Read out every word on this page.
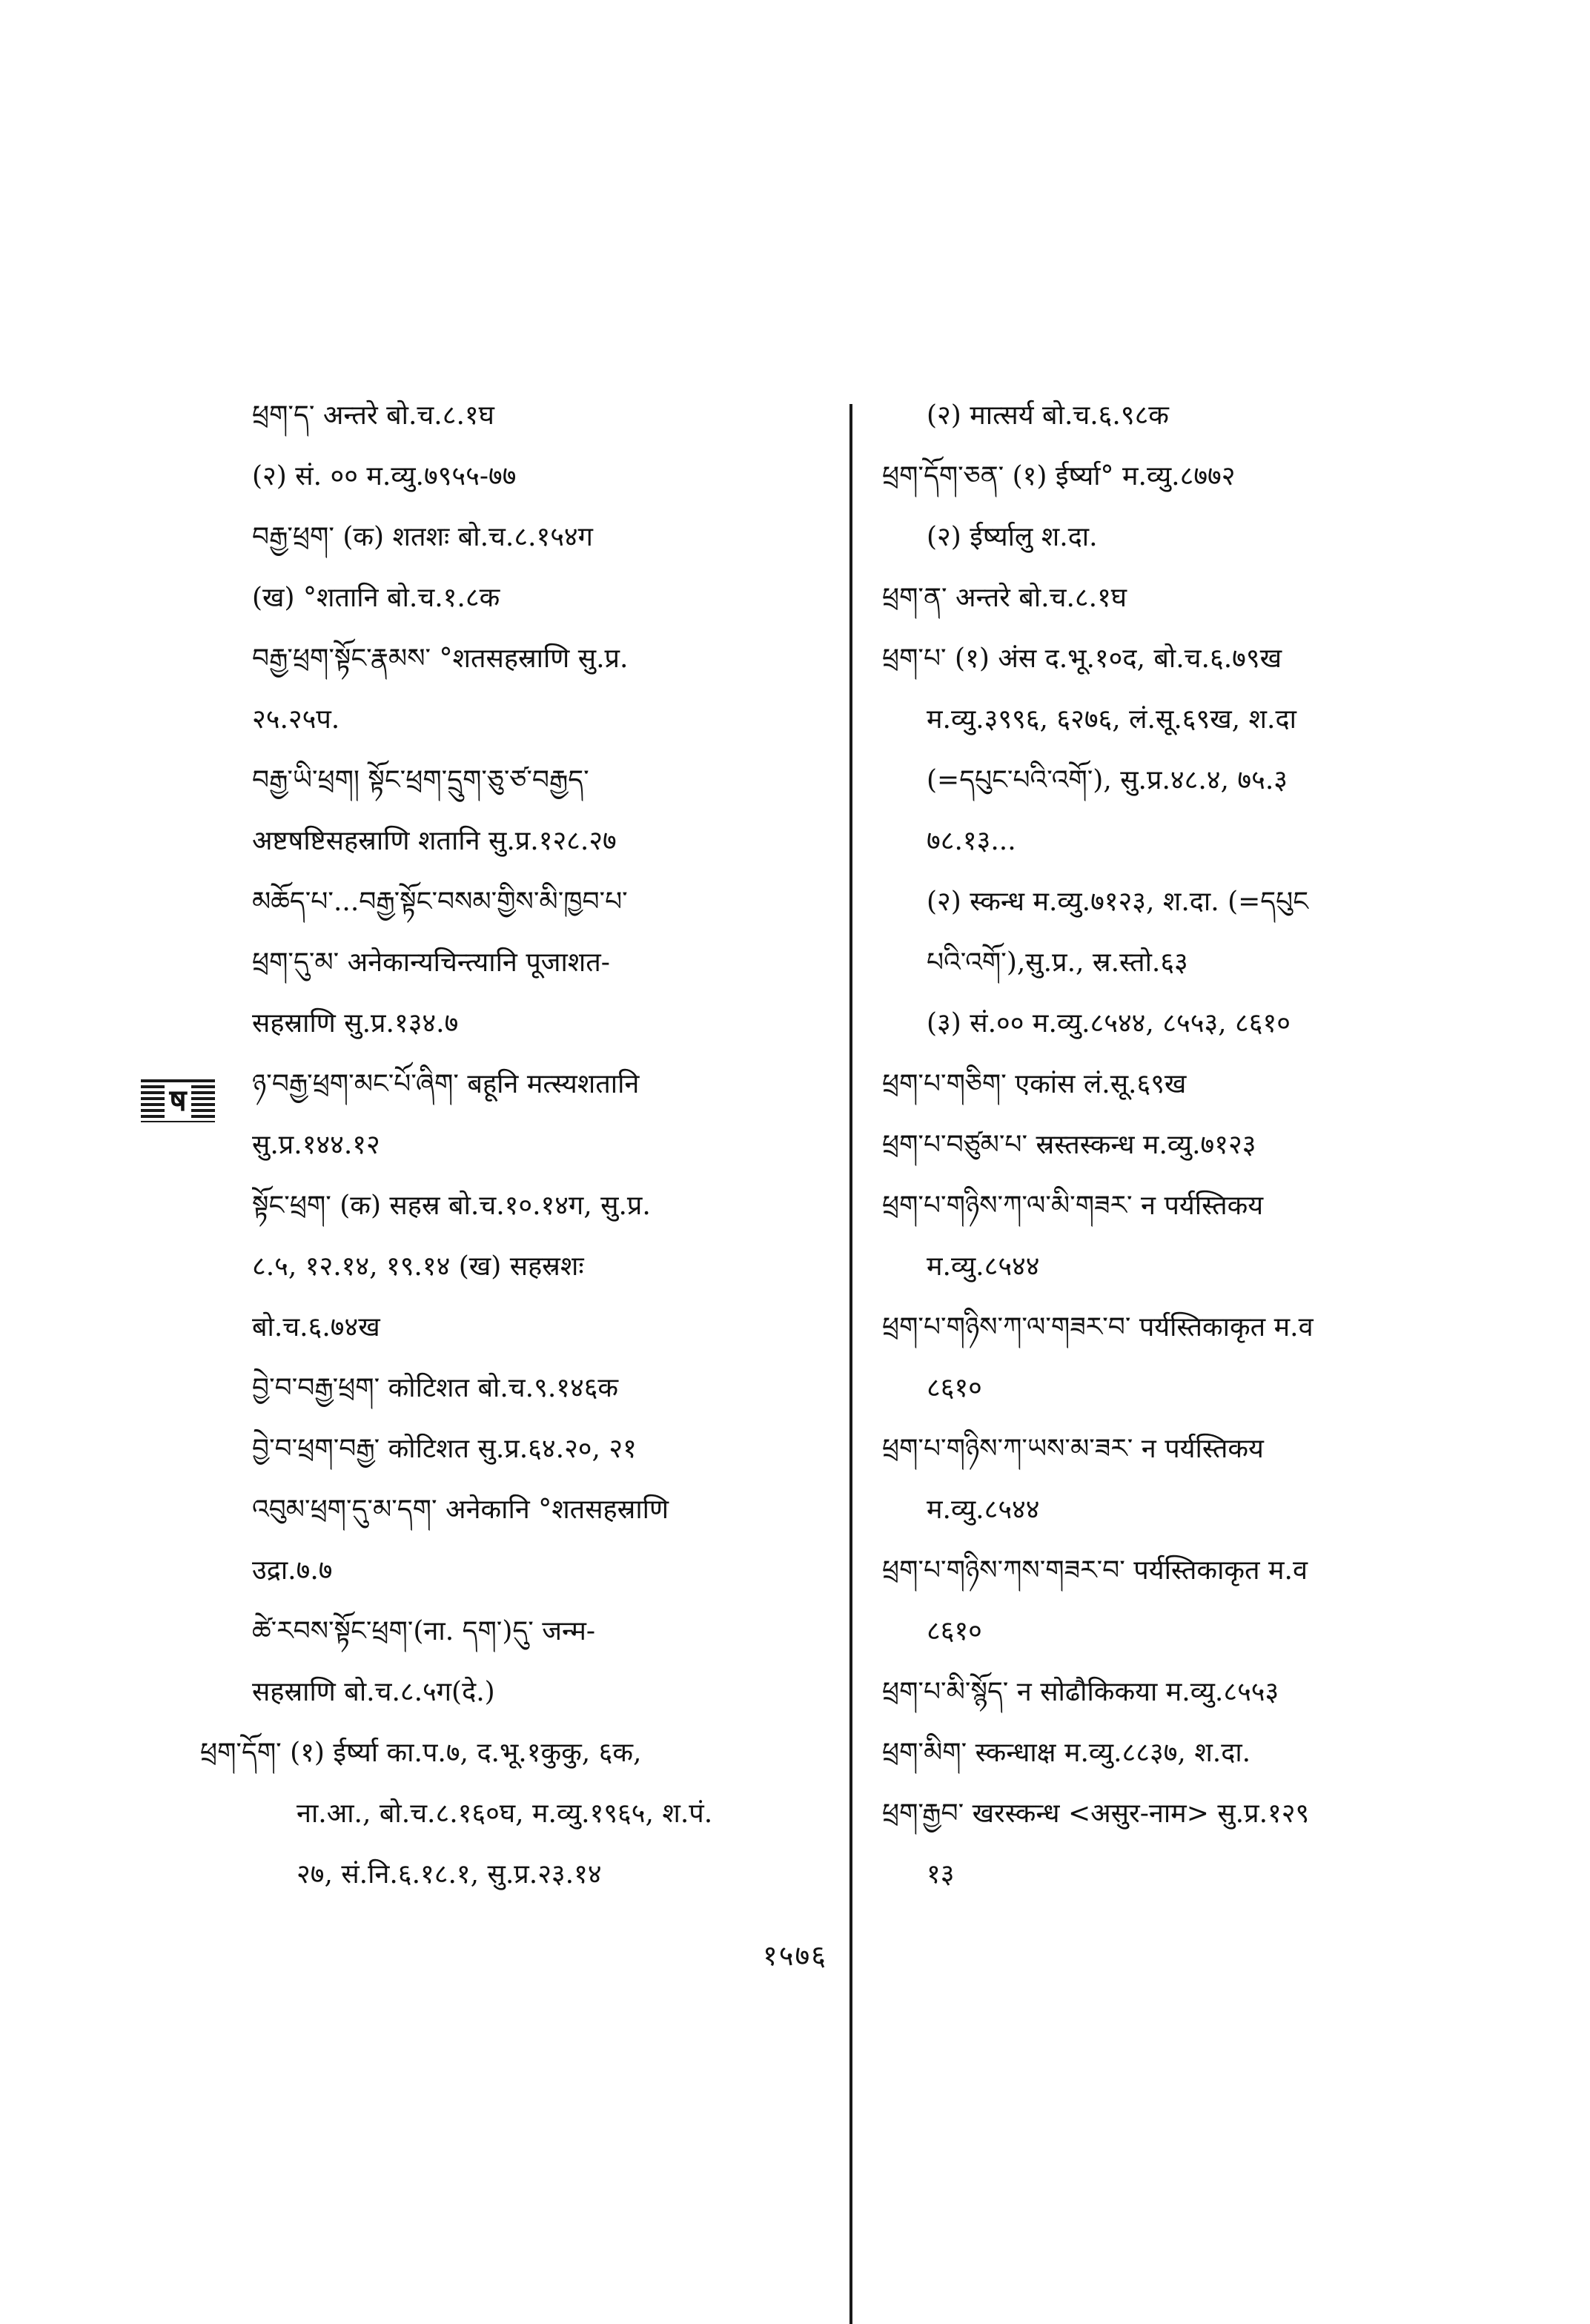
ष
ཕྲག་ད་ अन्तरे बो.च.८.१घ
(२) सं. ०० म.व्यु.७९५५-७७
བརྒྱ་ཕྲག་ (क) शतशः बो.च.८.१५४ग
(ख) °शतानि बो.च.१.८क
བརྒྱ་ཕྲག་སྟོང་རྣམས་ °शतसहस्राणि सु.प्र.
२५.२५प.
བརྒྱ་ཡི་ཕྲག། སྟོང་ཕྲག་དྲུག་ཅུ་ཙ་བརྒྱད་
अष्टषष्टिसहस्राणि शतानि सु.प्र.१२८.२७
མཆོད་པ་...བརྒྱ་སྟོང་བསམ་གྱིས་མི་ཁྱབ་པ་
ཕྲག་དུ་མ་ अनेकान्यचिन्त्यानि पूजाशत-
सहस्राणि सु.प्र.१३४.७
ཉ་བརྒྱ་ཕྲག་མང་པོ་ཞིག་ बहूनि मत्स्यशतानि
सु.प्र.१४४.१२
སྟོང་ཕྲག་ (क) सहस्र बो.च.१०.१४ग, सु.प्र.
८.५, १२.१४, १९.१४ (ख) सहस्रशः
बो.च.६.७४ख
བྱེ་བ་བརྒྱ་ཕྲག་ कोटिशत बो.च.९.१४६क
བྱེ་བ་ཕྲག་བརྒྱ་ कोटिशत सु.प्र.६४.२०, २१
འབུམ་ཕྲག་དུ་མ་དག་ अनेकानि °शतसहस्राणि
उद्रा.७.७
ཚེ་རབས་སྟོང་ཕྲག་(ना. དག་)དུ་ जन्म-
सहस्राणि बो.च.८.५ग(दे.)
ཕྲག་དོག་ (१) ईर्ष्या का.प.७, द.भू.१कुकु, ६क,
ना.आ., बो.च.८.१६०घ, म.व्यु.१९६५, श.पं.
२७, सं.नि.६.१८.१, सु.प्र.२३.१४
(२) मात्सर्य बो.च.६.९८क
ཕྲག་དོག་ཅན་ (१) ईर्ष्या° म.व्यु.८७७२
(२) ईर्ष्यालु श.दा.
ཕྲག་ན་ अन्तरे बो.च.८.१घ
ཕྲག་པ་ (१) अंस द.भू.१०द, बो.च.६.७९ख
म.व्यु.३९९६, ६२७६, लं.सू.६९ख, श.दा
(=དཔུང་པའི་འགོ་), सु.प्र.४८.४, ७५.३
७८.१३...
(२) स्कन्ध म.व्यु.७१२३, श.दा. (=དཔུང
པའི་འགོ་),सु.प्र., स्र.स्तो.६३
(३) सं.०० म.व्यु.८५४४, ८५५३, ८६१०
ཕྲག་པ་གཅིག་ एकांस लं.सू.६९ख
ཕྲག་པ་བཙུམ་པ་ स्रस्तस्कन्ध म.व्यु.७१२३
ཕྲག་པ་གཉིས་ཀ་ལ་མི་གཟར་ न पर्यस्तिकय
म.व्यु.८५४४
ཕྲག་པ་གཉིས་ཀ་ལ་གཟར་བ་ पर्यस्तिकाकृत म.व
८६१०
ཕྲག་པ་གཉིས་ཀ་ཡས་མ་ཟར་ न पर्यस्तिकय
म.व्यु.८५४४
ཕྲག་པ་གཉིས་ཀས་གཟར་བ་ पर्यस्तिकाकृत म.व
८६१०
ཕྲག་པ་མི་སྙོད་ न सोढौकिकया म.व्यु.८५५३
ཕྲག་མིག་ स्कन्धाक्ष म.व्यु.८८३७, श.दा.
ཕྲག་རྒྱབ་ खरस्कन्ध <असुर-नाम> सु.प्र.१२९
१३
१५७६
